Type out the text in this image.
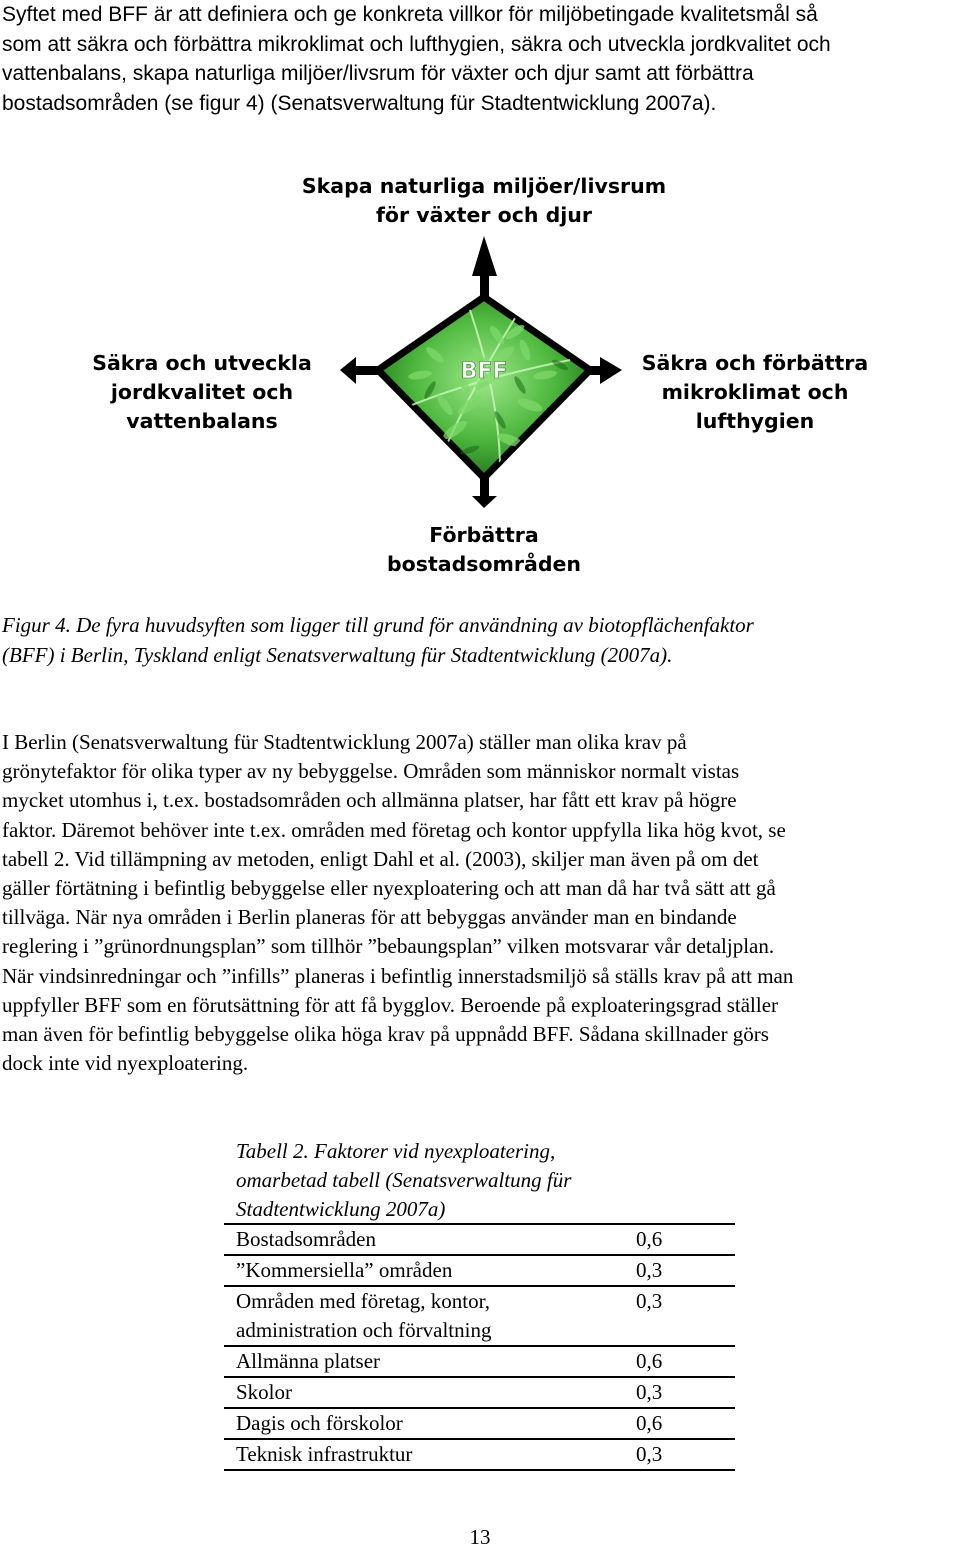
Syftet med BFF är att definiera och ge konkreta villkor för miljöbetingade kvalitetsmål så
som att säkra och förbättra mikroklimat och lufthygien, säkra och utveckla jordkvalitet och
vattenbalans, skapa naturliga miljöer/livsrum för växter och djur samt att förbättra
bostadsområden (se figur 4) (Senatsverwaltung für Stadtentwicklung 2007a).
BFF
Skapa naturliga miljöer/livsrum
för växter och djur
Säkra och utveckla
jordkvalitet och
vattenbalans
Säkra och förbättra
mikroklimat och
lufthygien
Förbättra
bostadsområden
Figur 4. De fyra huvudsyften som ligger till grund för användning av biotopflächenfaktor
(BFF) i Berlin, Tyskland enligt Senatsverwaltung für Stadtentwicklung (2007a).
I Berlin (Senatsverwaltung für Stadtentwicklung 2007a) ställer man olika krav på
grönytefaktor för olika typer av ny bebyggelse. Områden som människor normalt vistas
mycket utomhus i, t.ex. bostadsområden och allmänna platser, har fått ett krav på högre
faktor. Däremot behöver inte t.ex. områden med företag och kontor uppfylla lika hög kvot, se
tabell 2. Vid tillämpning av metoden, enligt Dahl et al. (2003), skiljer man även på om det
gäller förtätning i befintlig bebyggelse eller nyexploatering och att man då har två sätt att gå
tillväga. När nya områden i Berlin planeras för att bebyggas använder man en bindande
reglering i ”grünordnungsplan” som tillhör ”bebaungsplan” vilken motsvarar vår detaljplan.
När vindsinredningar och ”infills” planeras i befintlig innerstadsmiljö så ställs krav på att man
uppfyller BFF som en förutsättning för att få bygglov. Beroende på exploateringsgrad ställer
man även för befintlig bebyggelse olika höga krav på uppnådd BFF. Sådana skillnader görs
dock inte vid nyexploatering.
Tabell 2. Faktorer vid nyexploatering,
omarbetad tabell (Senatsverwaltung für
Stadtentwicklung 2007a)
Bostadsområden	0,6

”Kommersiella” områden	0,3

Områden med företag, kontor,
administration och förvaltning	0,3

Allmänna platser	0,6

Skolor	0,3

Dagis och förskolor	0,6

Teknisk infrastruktur	0,3
13
